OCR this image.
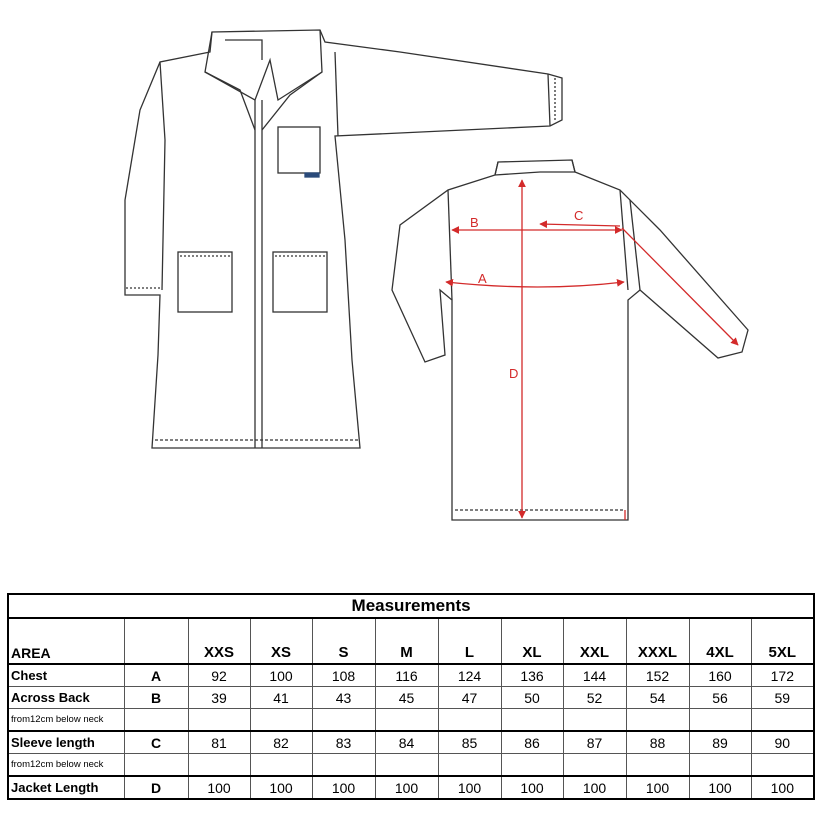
B	C
A
D
Measurements											
AREA		XXS	XS	S	M	L	XL	XXL	XXXL	4XL	5XL
Chest	A	92	100	108	116	124	136	144	152	160	172
Across Back	B	39	41	43	45	47	50	52	54	56	59
from12cm below neck											
Sleeve length	C	81	82	83	84	85	86	87	88	89	90
from12cm below neck											
Jacket Length	D	100	100	100	100	100	100	100	100	100	100
